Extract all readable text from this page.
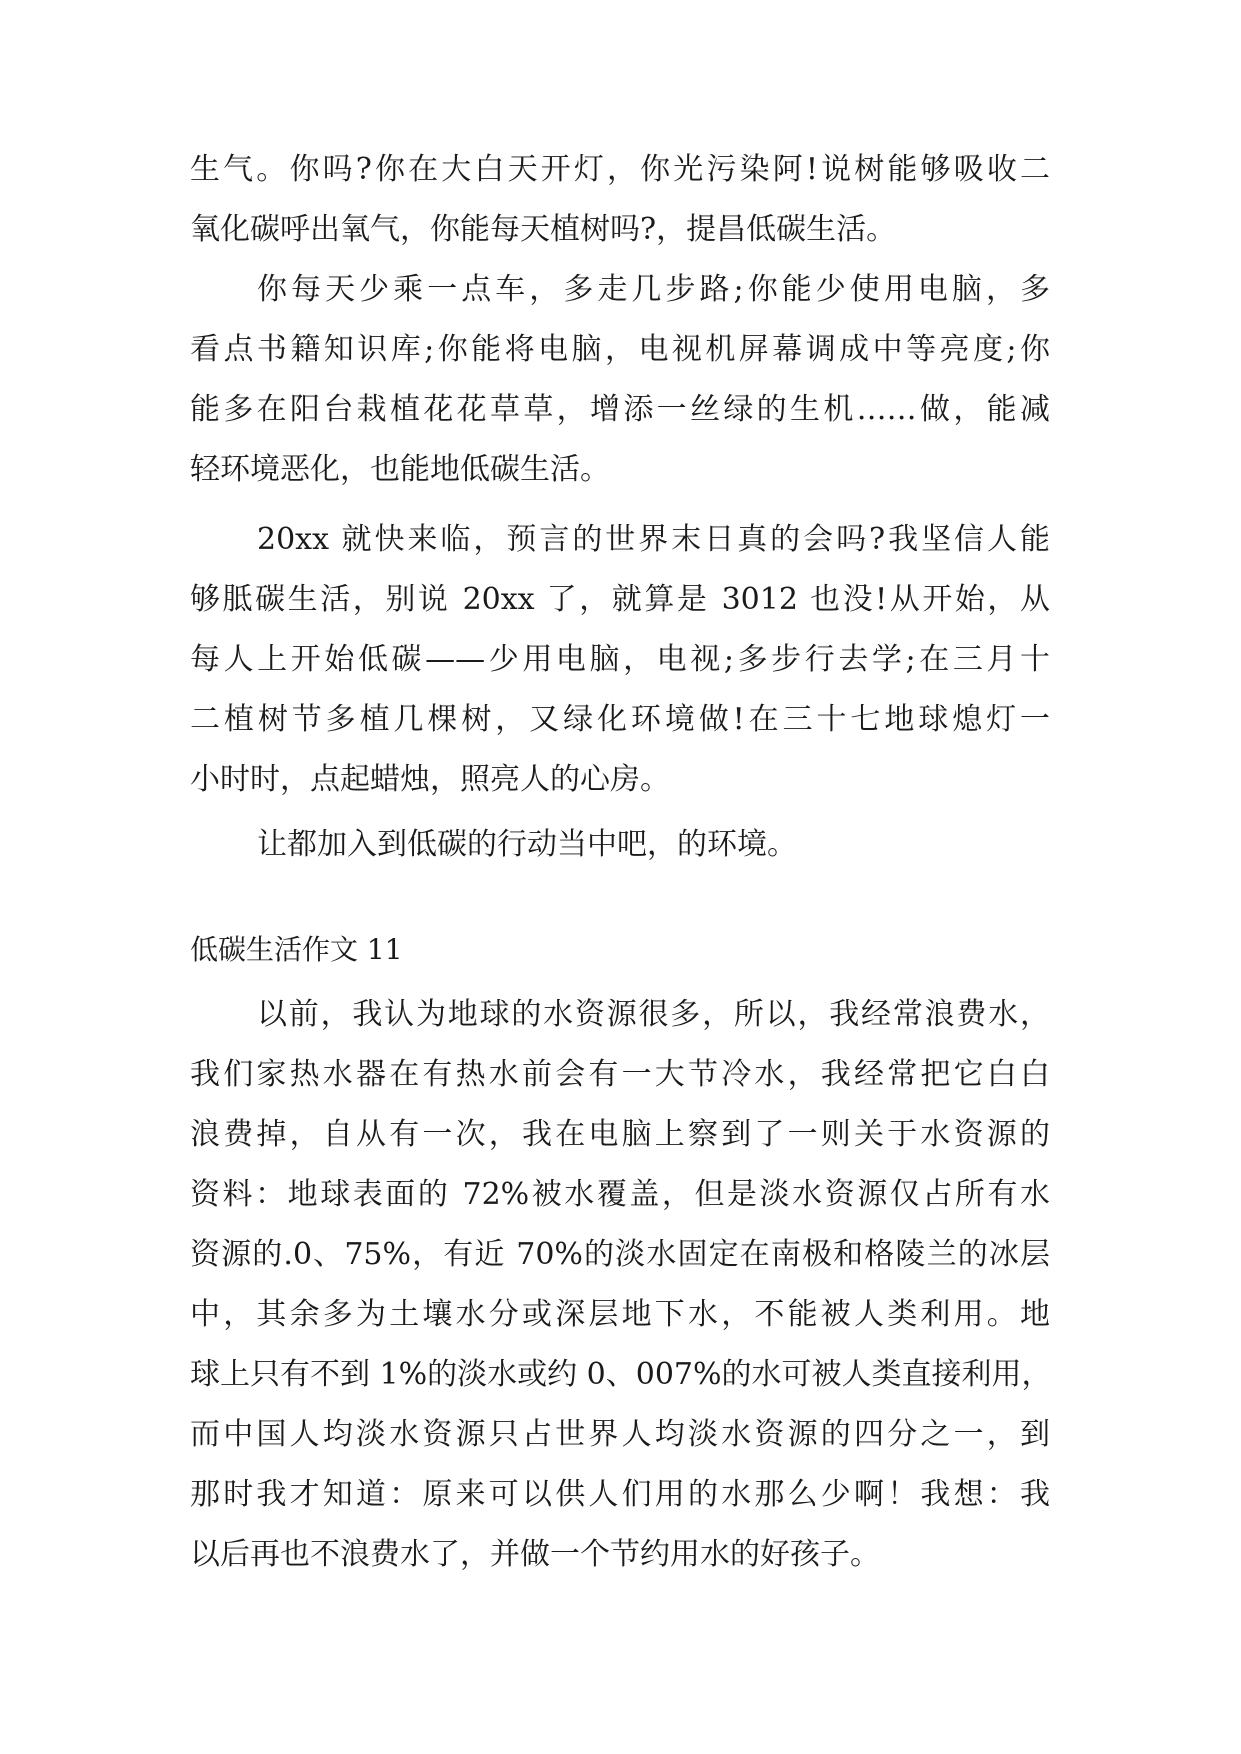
生气。你吗?你在大白天开灯，你光污染阿!说树能够吸收二
氧化碳呼出氧气，你能每天植树吗?，提昌低碳生活。
你每天少乘一点车，多走几步路;你能少使用电脑，多
看点书籍知识库;你能将电脑，电视机屏幕调成中等亮度;你
能多在阳台栽植花花草草，增添一丝绿的生机……做，能减
轻环境恶化，也能地低碳生活。
20xx 就快来临，预言的世界末日真的会吗?我坚信人能
够胝碳生活，别说 20xx 了，就算是 3012 也没!从开始，从
每人上开始低碳——少用电脑，电视;多步行去学;在三月十
二植树节多植几棵树，又绿化环境做!在三十七地球熄灯一
小时时，点起蜡烛，照亮人的心房。
让都加入到低碳的行动当中吧，的环境。
低碳生活作文 11
以前，我认为地球的水资源很多，所以，我经常浪费水，
我们家热水器在有热水前会有一大节冷水，我经常把它白白
浪费掉，自从有一次，我在电脑上察到了一则关于水资源的
资料：地球表面的 72%被水覆盖，但是淡水资源仅占所有水
资源的.0、75%，有近 70%的淡水固定在南极和格陵兰的冰层
中，其余多为土壤水分或深层地下水，不能被人类利用。地
球上只有不到 1%的淡水或约 0、007%的水可被人类直接利用，
而中国人均淡水资源只占世界人均淡水资源的四分之一，到
那时我才知道：原来可以供人们用的水那么少啊！我想：我
以后再也不浪费水了，并做一个节约用水的好孩子。
